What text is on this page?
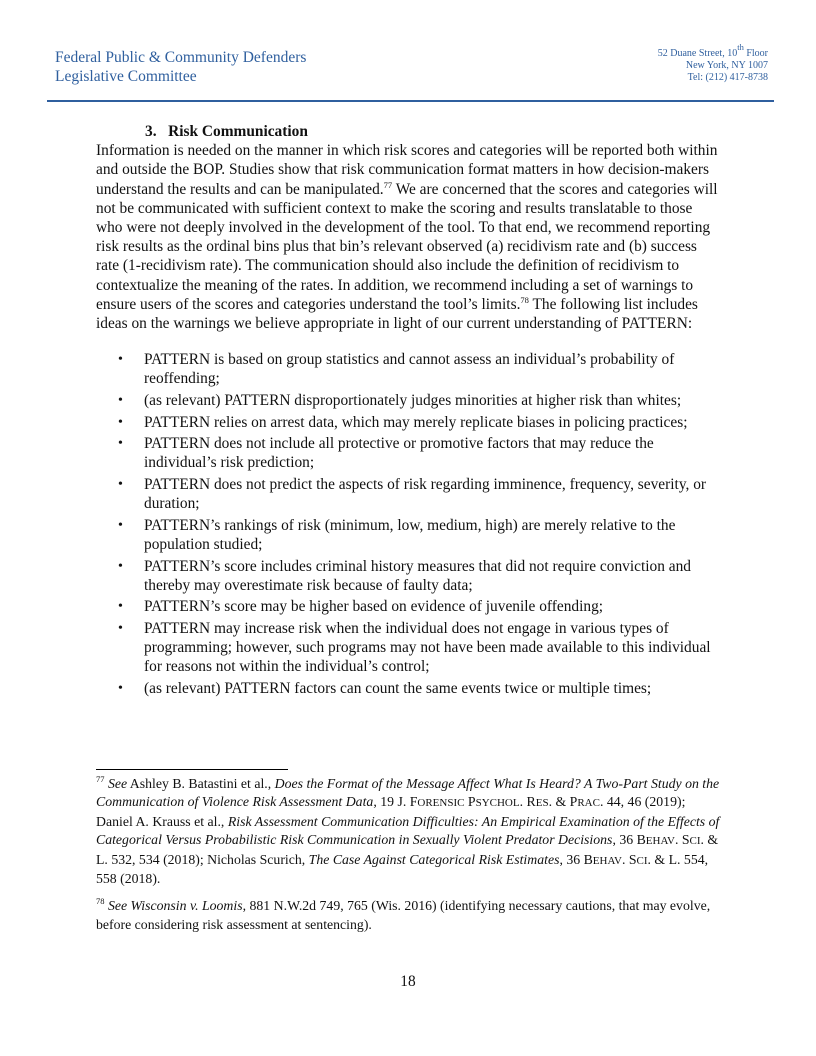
Federal Public & Community Defenders
Legislative Committee
52 Duane Street, 10th Floor
New York, NY 1007
Tel: (212) 417-8738
3. Risk Communication

Information is needed on the manner in which risk scores and categories will be reported both within and outside the BOP. Studies show that risk communication format matters in how decision-makers understand the results and can be manipulated.$^{77}$ We are concerned that the scores and categories will not be communicated with sufficient context to make the scoring and results translatable to those who were not deeply involved in the development of the tool. To that end, we recommend reporting risk results as the ordinal bins plus that bin’s relevant observed (a) recidivism rate and (b) success rate (1-recidivism rate). The communication should also include the definition of recidivism to contextualize the meaning of the rates. In addition, we recommend including a set of warnings to ensure users of the scores and categories understand the tool’s limits.$^{78}$ The following list includes ideas on the warnings we believe appropriate in light of our current understanding of PATTERN:

• PATTERN is based on group statistics and cannot assess an individual’s probability of reoffending;
• (as relevant) PATTERN disproportionately judges minorities at higher risk than whites;
• PATTERN relies on arrest data, which may merely replicate biases in policing practices;
• PATTERN does not include all protective or promotive factors that may reduce the individual’s risk prediction;
• PATTERN does not predict the aspects of risk regarding imminence, frequency, severity, or duration;
• PATTERN’s rankings of risk (minimum, low, medium, high) are merely relative to the population studied;
• PATTERN’s score includes criminal history measures that did not require conviction and thereby may overestimate risk because of faulty data;
• PATTERN’s score may be higher based on evidence of juvenile offending;
• PATTERN may increase risk when the individual does not engage in various types of programming; however, such programs may not have been made available to this individual for reasons not within the individual’s control;
• (as relevant) PATTERN factors can count the same events twice or multiple times;

$^{77}$ See Ashley B. Batastini et al., Does the Format of the Message Affect What Is Heard? A Two-Part Study on the Communication of Violence Risk Assessment Data, 19 J. FORENSIC PSYCHOL. RES. & PRAC. 44, 46 (2019); Daniel A. Krauss et al., Risk Assessment Communication Difficulties: An Empirical Examination of the Effects of Categorical Versus Probabilistic Risk Communication in Sexually Violent Predator Decisions, 36 BEHAV. SCI. & L. 532, 534 (2018); Nicholas Scurich, The Case Against Categorical Risk Estimates, 36 BEHAV. SCI. & L. 554, 558 (2018).

$^{78}$ See Wisconsin v. Loomis, 881 N.W.2d 749, 765 (Wis. 2016) (identifying necessary cautions, that may evolve, before considering risk assessment at sentencing).

18
